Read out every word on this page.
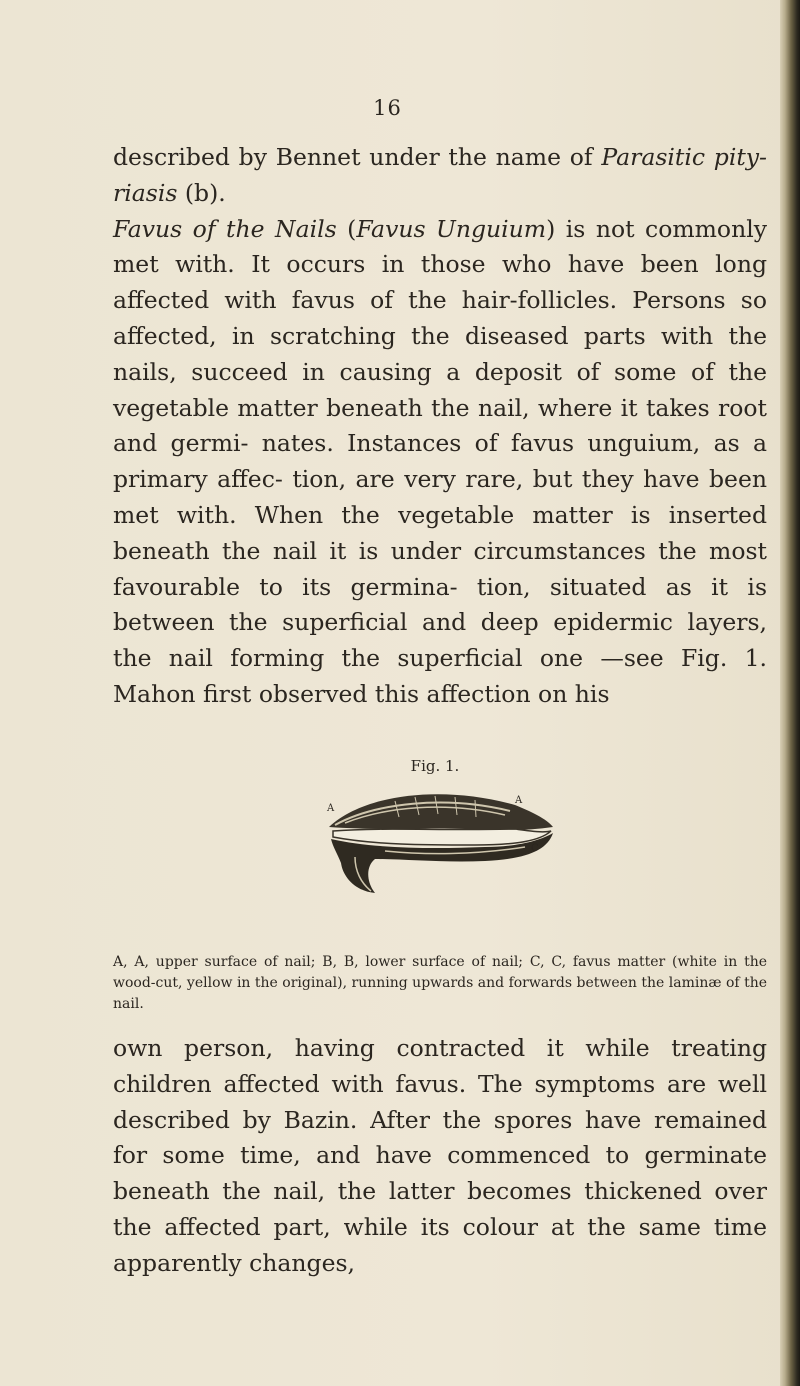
16

described by Bennet under the name of Parasitic pity- riasis (b).

Favus of the Nails (Favus Unguium) is not commonly met with. It occurs in those who have been long affected with favus of the hair-follicles. Persons so affected, in scratching the diseased parts with the nails, succeed in causing a deposit of some of the vegetable matter beneath the nail, where it takes root and germi- nates. Instances of favus unguium, as a primary affec- tion, are very rare, but they have been met with. When the vegetable matter is inserted beneath the nail it is under circumstances the most favourable to its germina- tion, situated as it is between the superficial and deep epidermic layers, the nail forming the superficial one —see Fig. 1. Mahon first observed this affection on his

Fig. 1.
A
A
C
A, A, upper surface of nail; B, B, lower surface of nail; C, C, favus matter (white in the wood-cut, yellow in the original), running upwards and forwards between the laminæ of the nail.

own person, having contracted it while treating children affected with favus. The symptoms are well described by Bazin. After the spores have remained for some time, and have commenced to germinate beneath the nail, the latter becomes thickened over the affected part, while its colour at the same time apparently changes,
